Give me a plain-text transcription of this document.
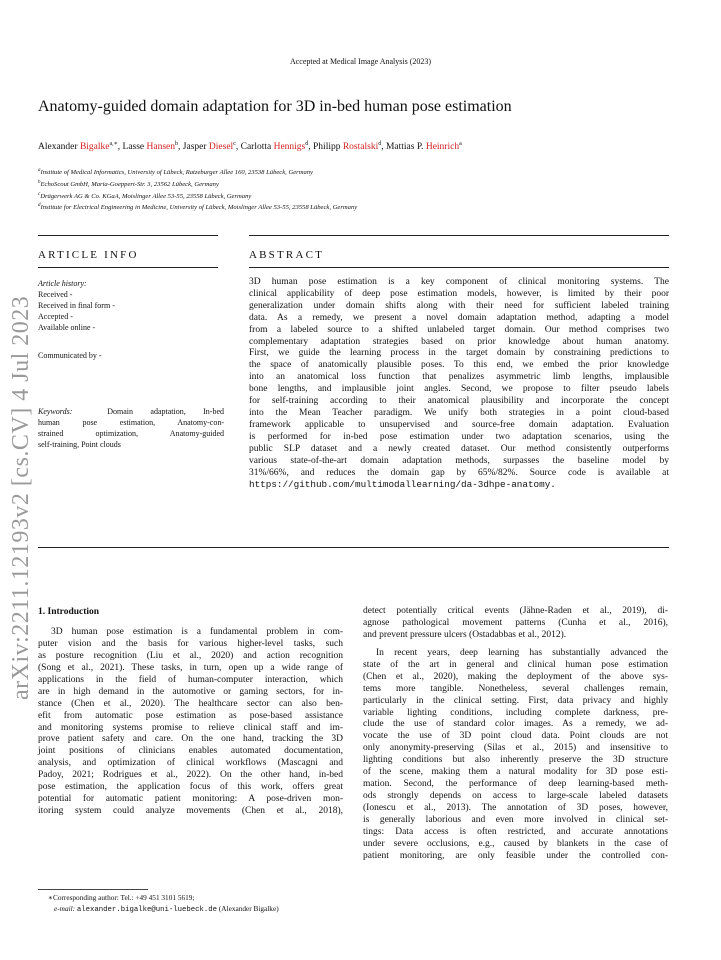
Accepted at Medical Image Analysis (2023)
Anatomy-guided domain adaptation for 3D in-bed human pose estimation
Alexander Bigalke$^{a,∗}$, Lasse Hansen$^b$, Jasper Diesel$^c$, Carlotta Hennigs$^d$, Philipp Rostalski$^d$, Mattias P. Heinrich$^a$
$^a$Institute of Medical Informatics, University of Lübeck, Ratzeburger Allee 160, 23538 Lübeck, Germany
$^b$EchoScout GmbH, Maria-Goeppert-Str. 3, 23562 Lübeck, Germany
$^c$Drägerwerk AG & Co. KGaA, Moislinger Allee 53-55, 23558 Lübeck, Germany
$^d$Institute for Electrical Engineering in Medicine, University of Lübeck, Moislinger Allee 53-55, 23558 Lübeck, Germany
ARTICLE INFO	ABSTRACT
Article history:
Received -
Received in final form -
Accepted -
Available online -
Communicated by -
Keywords:	Domain adaptation, In-bed
human pose estimation, Anatomy-con-
strained optimization, Anatomy-guided
self-training, Point clouds
3D human pose estimation is a key component of clinical monitoring systems. The
clinical applicability of deep pose estimation models, however, is limited by their poor
generalization under domain shifts along with their need for sufficient labeled training
data. As a remedy, we present a novel domain adaptation method, adapting a model
from a labeled source to a shifted unlabeled target domain. Our method comprises two
complementary adaptation strategies based on prior knowledge about human anatomy.
First, we guide the learning process in the target domain by constraining predictions to
the space of anatomically plausible poses. To this end, we embed the prior knowledge
into an anatomical loss function that penalizes asymmetric limb lengths, implausible
bone lengths, and implausible joint angles. Second, we propose to filter pseudo labels
for self-training according to their anatomical plausibility and incorporate the concept
into the Mean Teacher paradigm. We unify both strategies in a point cloud-based
framework applicable to unsupervised and source-free domain adaptation. Evaluation
is performed for in-bed pose estimation under two adaptation scenarios, using the
public SLP dataset and a newly created dataset. Our method consistently outperforms
various state-of-the-art domain adaptation methods, surpasses the baseline model by
31%/66%, and reduces the domain gap by 65%/82%. Source code is available at
https://github.com/multimodallearning/da-3dhpe-anatomy.
arXiv:2211.12193v2 [cs.CV] 4 Jul 2023 1. Introduction
3D human pose estimation is a fundamental problem in com-
puter vision and the basis for various higher-level tasks, such
as posture recognition (Liu et al., 2020) and action recognition
(Song et al., 2021). These tasks, in turn, open up a wide range of
applications in the field of human-computer interaction, which
are in high demand in the automotive or gaming sectors, for in-
stance (Chen et al., 2020). The healthcare sector can also ben-
efit from automatic pose estimation as pose-based assistance
and monitoring systems promise to relieve clinical staff and im-
prove patient safety and care. On the one hand, tracking the 3D
joint positions of clinicians enables automated documentation,
analysis, and optimization of clinical workflows (Mascagni and
Padoy, 2021; Rodrigues et al., 2022). On the other hand, in-bed
pose estimation, the application focus of this work, offers great
potential for automatic patient monitoring: A pose-driven mon-
itoring system could analyze movements (Chen et al., 2018),
detect potentially critical events (Jähne-Raden et al., 2019), di-
agnose pathological movement patterns (Cunha et al., 2016),
and prevent pressure ulcers (Ostadabbas et al., 2012).
In recent years, deep learning has substantially advanced the
state of the art in general and clinical human pose estimation
(Chen et al., 2020), making the deployment of the above sys-
tems more tangible. Nonetheless, several challenges remain,
particularly in the clinical setting. First, data privacy and highly
variable lighting conditions, including complete darkness, pre-
clude the use of standard color images. As a remedy, we ad-
vocate the use of 3D point cloud data. Point clouds are not
only anonymity-preserving (Silas et al., 2015) and insensitive to
lighting conditions but also inherently preserve the 3D structure
of the scene, making them a natural modality for 3D pose esti-
mation. Second, the performance of deep learning-based meth-
ods strongly depends on access to large-scale labeled datasets
(Ionescu et al., 2013). The annotation of 3D poses, however,
is generally laborious and even more involved in clinical set-
tings: Data access is often restricted, and accurate annotations
under severe occlusions, e.g., caused by blankets in the case of
patient monitoring, are only feasible under the controlled con-
∗Corresponding author: Tel.: +49 451 3101 5619;
e-mail: alexander.bigalke@uni-luebeck.de (Alexander Bigalke)
